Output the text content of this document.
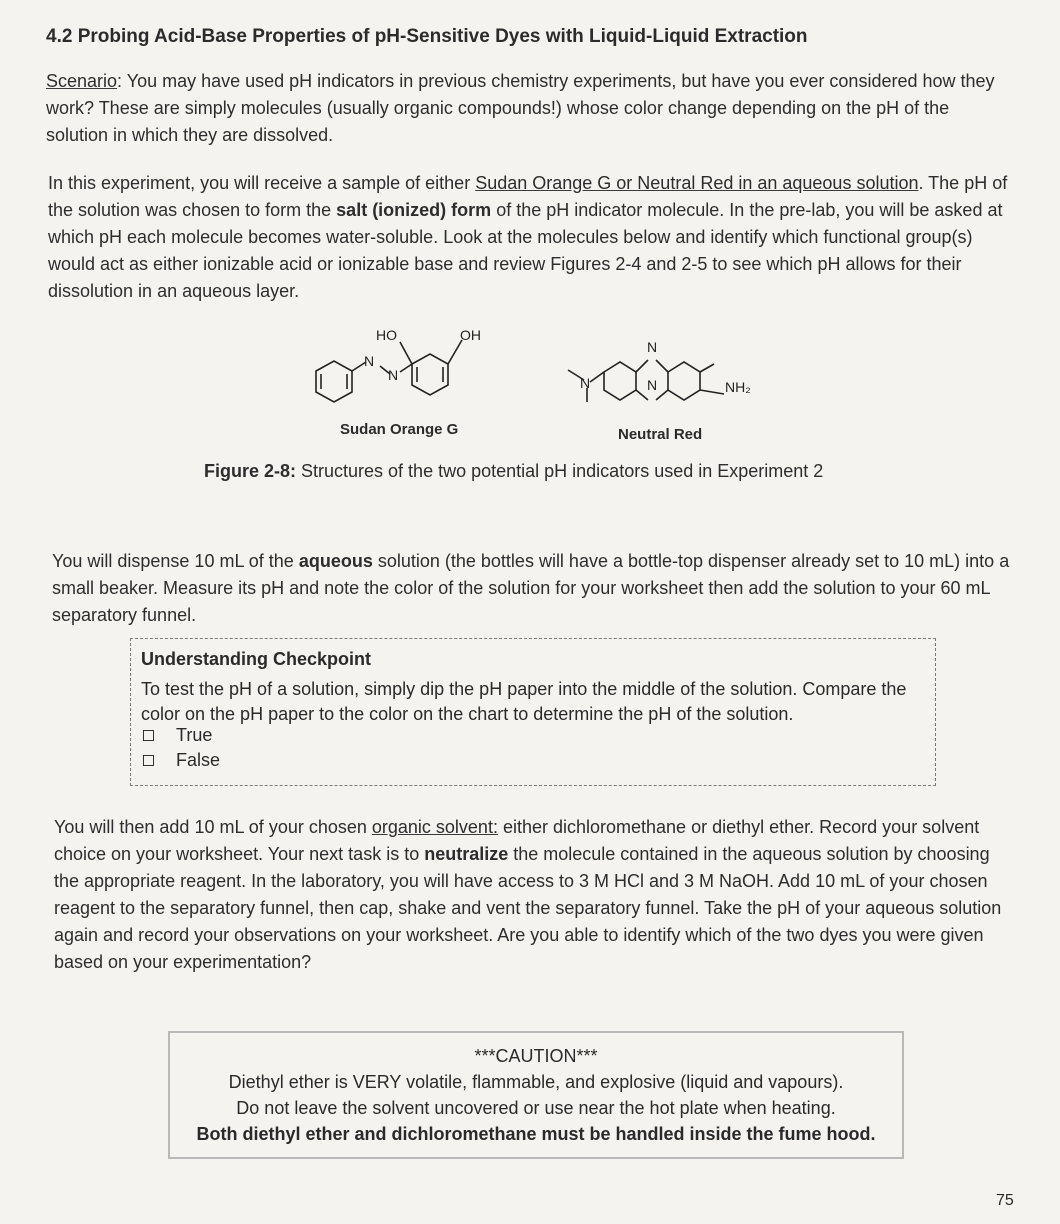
4.2 Probing Acid-Base Properties of pH-Sensitive Dyes with Liquid-Liquid Extraction
Scenario: You may have used pH indicators in previous chemistry experiments, but have you ever considered how they work? These are simply molecules (usually organic compounds!) whose color change depending on the pH of the solution in which they are dissolved.
In this experiment, you will receive a sample of either Sudan Orange G or Neutral Red in an aqueous solution. The pH of the solution was chosen to form the salt (ionized) form of the pH indicator molecule. In the pre-lab, you will be asked at which pH each molecule becomes water-soluble. Look at the molecules below and identify which functional group(s) would act as either ionizable acid or ionizable base and review Figures 2-4 and 2-5 to see which pH allows for their dissolution in an aqueous layer.
HO	OH
N
N
N
N	N	NH₂
Sudan Orange G	Neutral Red
Figure 2-8: Structures of the two potential pH indicators used in Experiment 2
You will dispense 10 mL of the aqueous solution (the bottles will have a bottle-top dispenser already set to 10 mL) into a small beaker. Measure its pH and note the color of the solution for your worksheet then add the solution to your 60 mL separatory funnel.
Understanding Checkpoint
To test the pH of a solution, simply dip the pH paper into the middle of the solution. Compare the color on the pH paper to the color on the chart to determine the pH of the solution.
True
False
You will then add 10 mL of your chosen organic solvent: either dichloromethane or diethyl ether. Record your solvent choice on your worksheet. Your next task is to neutralize the molecule contained in the aqueous solution by choosing the appropriate reagent. In the laboratory, you will have access to 3 M HCl and 3 M NaOH. Add 10 mL of your chosen reagent to the separatory funnel, then cap, shake and vent the separatory funnel. Take the pH of your aqueous solution again and record your observations on your worksheet. Are you able to identify which of the two dyes you were given based on your experimentation?
***CAUTION***
Diethyl ether is VERY volatile, flammable, and explosive (liquid and vapours).
Do not leave the solvent uncovered or use near the hot plate when heating.
Both diethyl ether and dichloromethane must be handled inside the fume hood.
75
